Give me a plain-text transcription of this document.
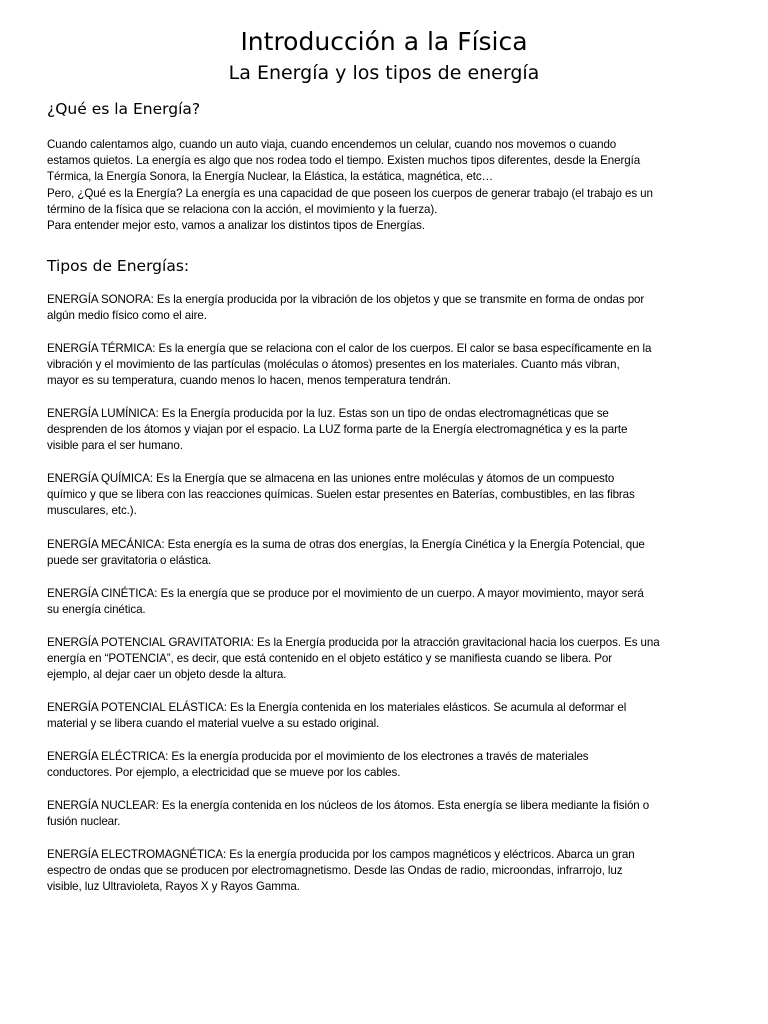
Introducción a la Física
La Energía y los tipos de energía
¿Qué es la Energía?

Cuando calentamos algo, cuando un auto viaja, cuando encendemos un celular, cuando nos movemos o cuando
estamos quietos. La energía es algo que nos rodea todo el tiempo. Existen muchos tipos diferentes, desde la Energía
Térmica, la Energía Sonora, la Energía Nuclear, la Elástica, la estática, magnética, etc…
Pero, ¿Qué es la Energía? La energía es una capacidad de que poseen los cuerpos de generar trabajo (el trabajo es un
término de la física que se relaciona con la acción, el movimiento y la fuerza).
Para entender mejor esto, vamos a analizar los distintos tipos de Energías.

Tipos de Energías:

ENERGÍA SONORA: Es la energía producida por la vibración de los objetos y que se transmite en forma de ondas por
algún medio físico como el aire.

ENERGÍA TÉRMICA: Es la energía que se relaciona con el calor de los cuerpos. El calor se basa específicamente en la
vibración y el movimiento de las partículas (moléculas o átomos) presentes en los materiales. Cuanto más vibran,
mayor es su temperatura, cuando menos lo hacen, menos temperatura tendrán.

ENERGÍA LUMÍNICA: Es la Energía producida por la luz. Estas son un tipo de ondas electromagnéticas que se
desprenden de los átomos y viajan por el espacio. La LUZ forma parte de la Energía electromagnética y es la parte
visible para el ser humano.

ENERGÍA QUÍMICA: Es la Energía que se almacena en las uniones entre moléculas y átomos de un compuesto
químico y que se libera con las reacciones químicas. Suelen estar presentes en Baterías, combustibles, en las fibras
musculares, etc.).

ENERGÍA MECÁNICA: Esta energía es la suma de otras dos energías, la Energía Cinética y la Energía Potencial, que
puede ser gravitatoria o elástica.

ENERGÍA CINÉTICA: Es la energía que se produce por el movimiento de un cuerpo. A mayor movimiento, mayor será
su energía cinética.

ENERGÍA POTENCIAL GRAVITATORIA: Es la Energía producida por la atracción gravitacional hacia los cuerpos. Es una
energía en “POTENCIA”, es decir, que está contenido en el objeto estático y se manifiesta cuando se libera. Por
ejemplo, al dejar caer un objeto desde la altura.

ENERGÍA POTENCIAL ELÁSTICA: Es la Energía contenida en los materiales elásticos. Se acumula al deformar el
material y se libera cuando el material vuelve a su estado original.

ENERGÍA ELÉCTRICA: Es la energía producida por el movimiento de los electrones a través de materiales
conductores. Por ejemplo, a electricidad que se mueve por los cables.

ENERGÍA NUCLEAR: Es la energía contenida en los núcleos de los átomos. Esta energía se libera mediante la fisión o
fusión nuclear.

ENERGÍA ELECTROMAGNÉTICA: Es la energía producida por los campos magnéticos y eléctricos. Abarca un gran
espectro de ondas que se producen por electromagnetismo. Desde las Ondas de radio, microondas, infrarrojo, luz
visible, luz Ultravioleta, Rayos X y Rayos Gamma.
